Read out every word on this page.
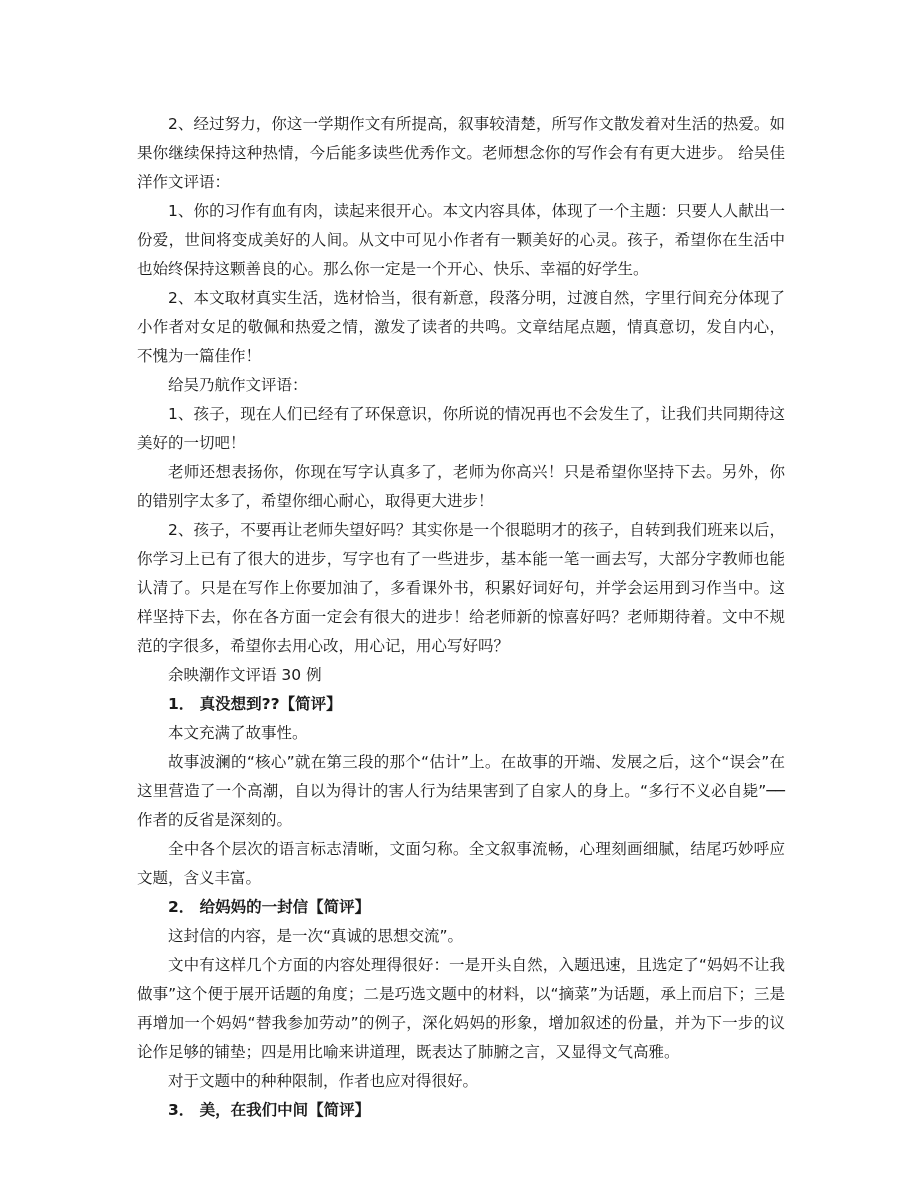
2、经过努力，你这一学期作文有所提高，叙事较清楚，所写作文散发着对生活的热爱。如果你继续保持这种热情，今后能多读些优秀作文。老师想念你的写作会有有更大进步。 给吴佳洋作文评语：

1、你的习作有血有肉，读起来很开心。本文内容具体，体现了一个主题：只要人人献出一份爱，世间将变成美好的人间。从文中可见小作者有一颗美好的心灵。孩子，希望你在生活中也始终保持这颗善良的心。那么你一定是一个开心、快乐、幸福的好学生。

2、本文取材真实生活，选材恰当，很有新意，段落分明，过渡自然，字里行间充分体现了小作者对女足的敬佩和热爱之情，激发了读者的共鸣。文章结尾点题，情真意切，发自内心，不愧为一篇佳作！

给吴乃航作文评语：

1、孩子，现在人们已经有了环保意识，你所说的情况再也不会发生了，让我们共同期待这美好的一切吧！

老师还想表扬你，你现在写字认真多了，老师为你高兴！只是希望你坚持下去。另外，你的错别字太多了，希望你细心耐心，取得更大进步！

2、孩子，不要再让老师失望好吗？其实你是一个很聪明才的孩子，自转到我们班来以后，你学习上已有了很大的进步，写字也有了一些进步，基本能一笔一画去写，大部分字教师也能认清了。只是在写作上你要加油了，多看课外书，积累好词好句，并学会运用到习作当中。这样坚持下去，你在各方面一定会有很大的进步！给老师新的惊喜好吗？老师期待着。文中不规范的字很多，希望你去用心改，用心记，用心写好吗？

余映潮作文评语 30 例

1． 真没想到??【简评】

本文充满了故事性。

故事波澜的“核心”就在第三段的那个“估计”上。在故事的开端、发展之后，这个“误会”在这里营造了一个高潮，自以为得计的害人行为结果害到了自家人的身上。“多行不义必自毙”──作者的反省是深刻的。

全中各个层次的语言标志清晰，文面匀称。全文叙事流畅，心理刻画细腻，结尾巧妙呼应文题，含义丰富。

2． 给妈妈的一封信【简评】

这封信的内容，是一次“真诚的思想交流”。

文中有这样几个方面的内容处理得很好：一是开头自然，入题迅速，且选定了“妈妈不让我做事”这个便于展开话题的角度；二是巧选文题中的材料，以“摘菜”为话题，承上而启下；三是再增加一个妈妈“替我参加劳动”的例子，深化妈妈的形象，增加叙述的份量，并为下一步的议论作足够的铺垫；四是用比喻来讲道理，既表达了肺腑之言，又显得文气高雅。

对于文题中的种种限制，作者也应对得很好。

3． 美，在我们中间【简评】
